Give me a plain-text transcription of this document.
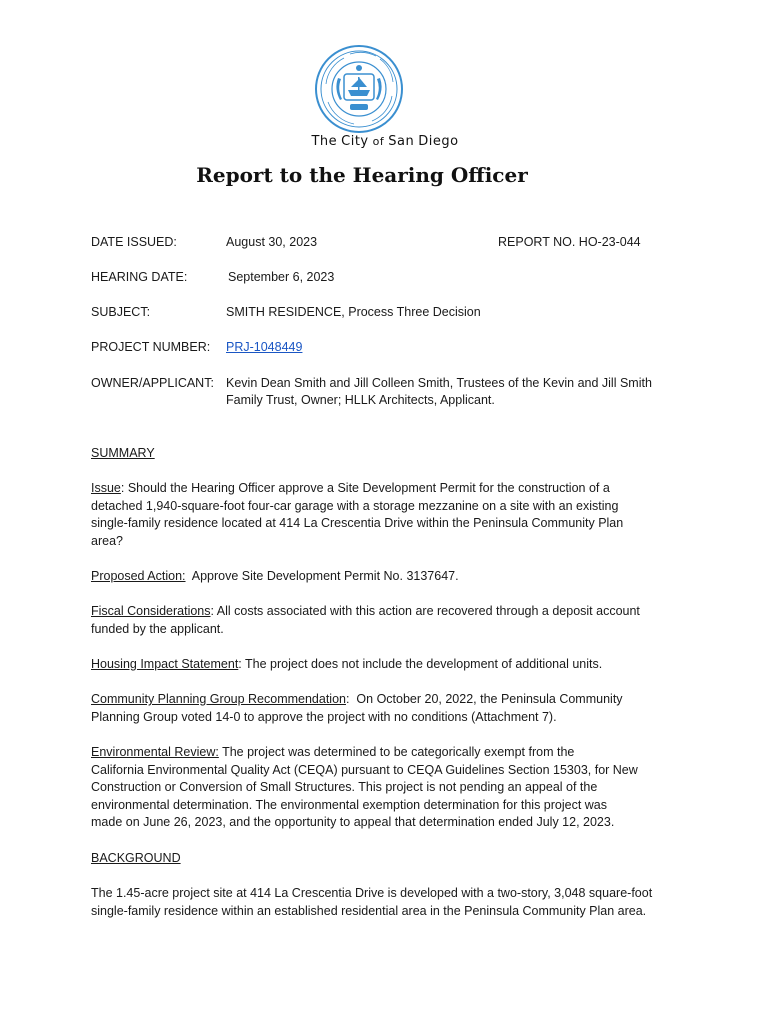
The City of San Diego
Report to the Hearing Officer
DATE ISSUED:	August 30, 2023	REPORT NO. HO-23-044
HEARING DATE:	September 6, 2023
SUBJECT:	SMITH RESIDENCE, Process Three Decision
PROJECT NUMBER: PRJ-1048449
OWNER/APPLICANT: Kevin Dean Smith and Jill Colleen Smith, Trustees of the Kevin and Jill Smith
Family Trust, Owner; HLLK Architects, Applicant.
SUMMARY
Issue: Should the Hearing Officer approve a Site Development Permit for the construction of a
detached 1,940-square-foot four-car garage with a storage mezzanine on a site with an existing
single-family residence located at 414 La Crescentia Drive within the Peninsula Community Plan
area?
Proposed Action:  Approve Site Development Permit No. 3137647.
Fiscal Considerations: All costs associated with this action are recovered through a deposit account
funded by the applicant.
Housing Impact Statement: The project does not include the development of additional units.
Community Planning Group Recommendation:  On October 20, 2022, the Peninsula Community
Planning Group voted 14-0 to approve the project with no conditions (Attachment 7).
Environmental Review: The project was determined to be categorically exempt from the
California Environmental Quality Act (CEQA) pursuant to CEQA Guidelines Section 15303, for New
Construction or Conversion of Small Structures. This project is not pending an appeal of the
environmental determination. The environmental exemption determination for this project was
made on June 26, 2023, and the opportunity to appeal that determination ended July 12, 2023.
BACKGROUND
The 1.45-acre project site at 414 La Crescentia Drive is developed with a two-story, 3,048 square-foot
single-family residence within an established residential area in the Peninsula Community Plan area.
